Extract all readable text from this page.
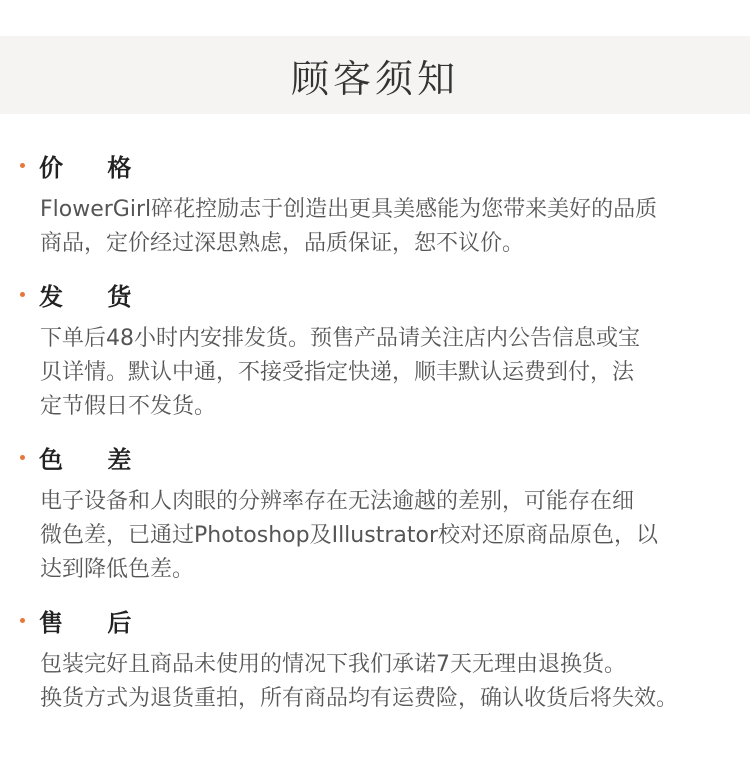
顾客须知
价 格

FlowerGirl碎花控励志于创造出更具美感能为您带来美好的品质

商品，定价经过深思熟虑，品质保证，恕不议价。

发 货

下单后48小时内安排发货。预售产品请关注店内公告信息或宝

贝详情。默认中通，不接受指定快递，顺丰默认运费到付，法

定节假日不发货。

色 差

电子设备和人肉眼的分辨率存在无法逾越的差别，可能存在细

微色差，已通过Photoshop及Illustrator校对还原商品原色，以

达到降低色差。

售 后

包装完好且商品未使用的情况下我们承诺7天无理由退换货。

换货方式为退货重拍，所有商品均有运费险，确认收货后将失效。
